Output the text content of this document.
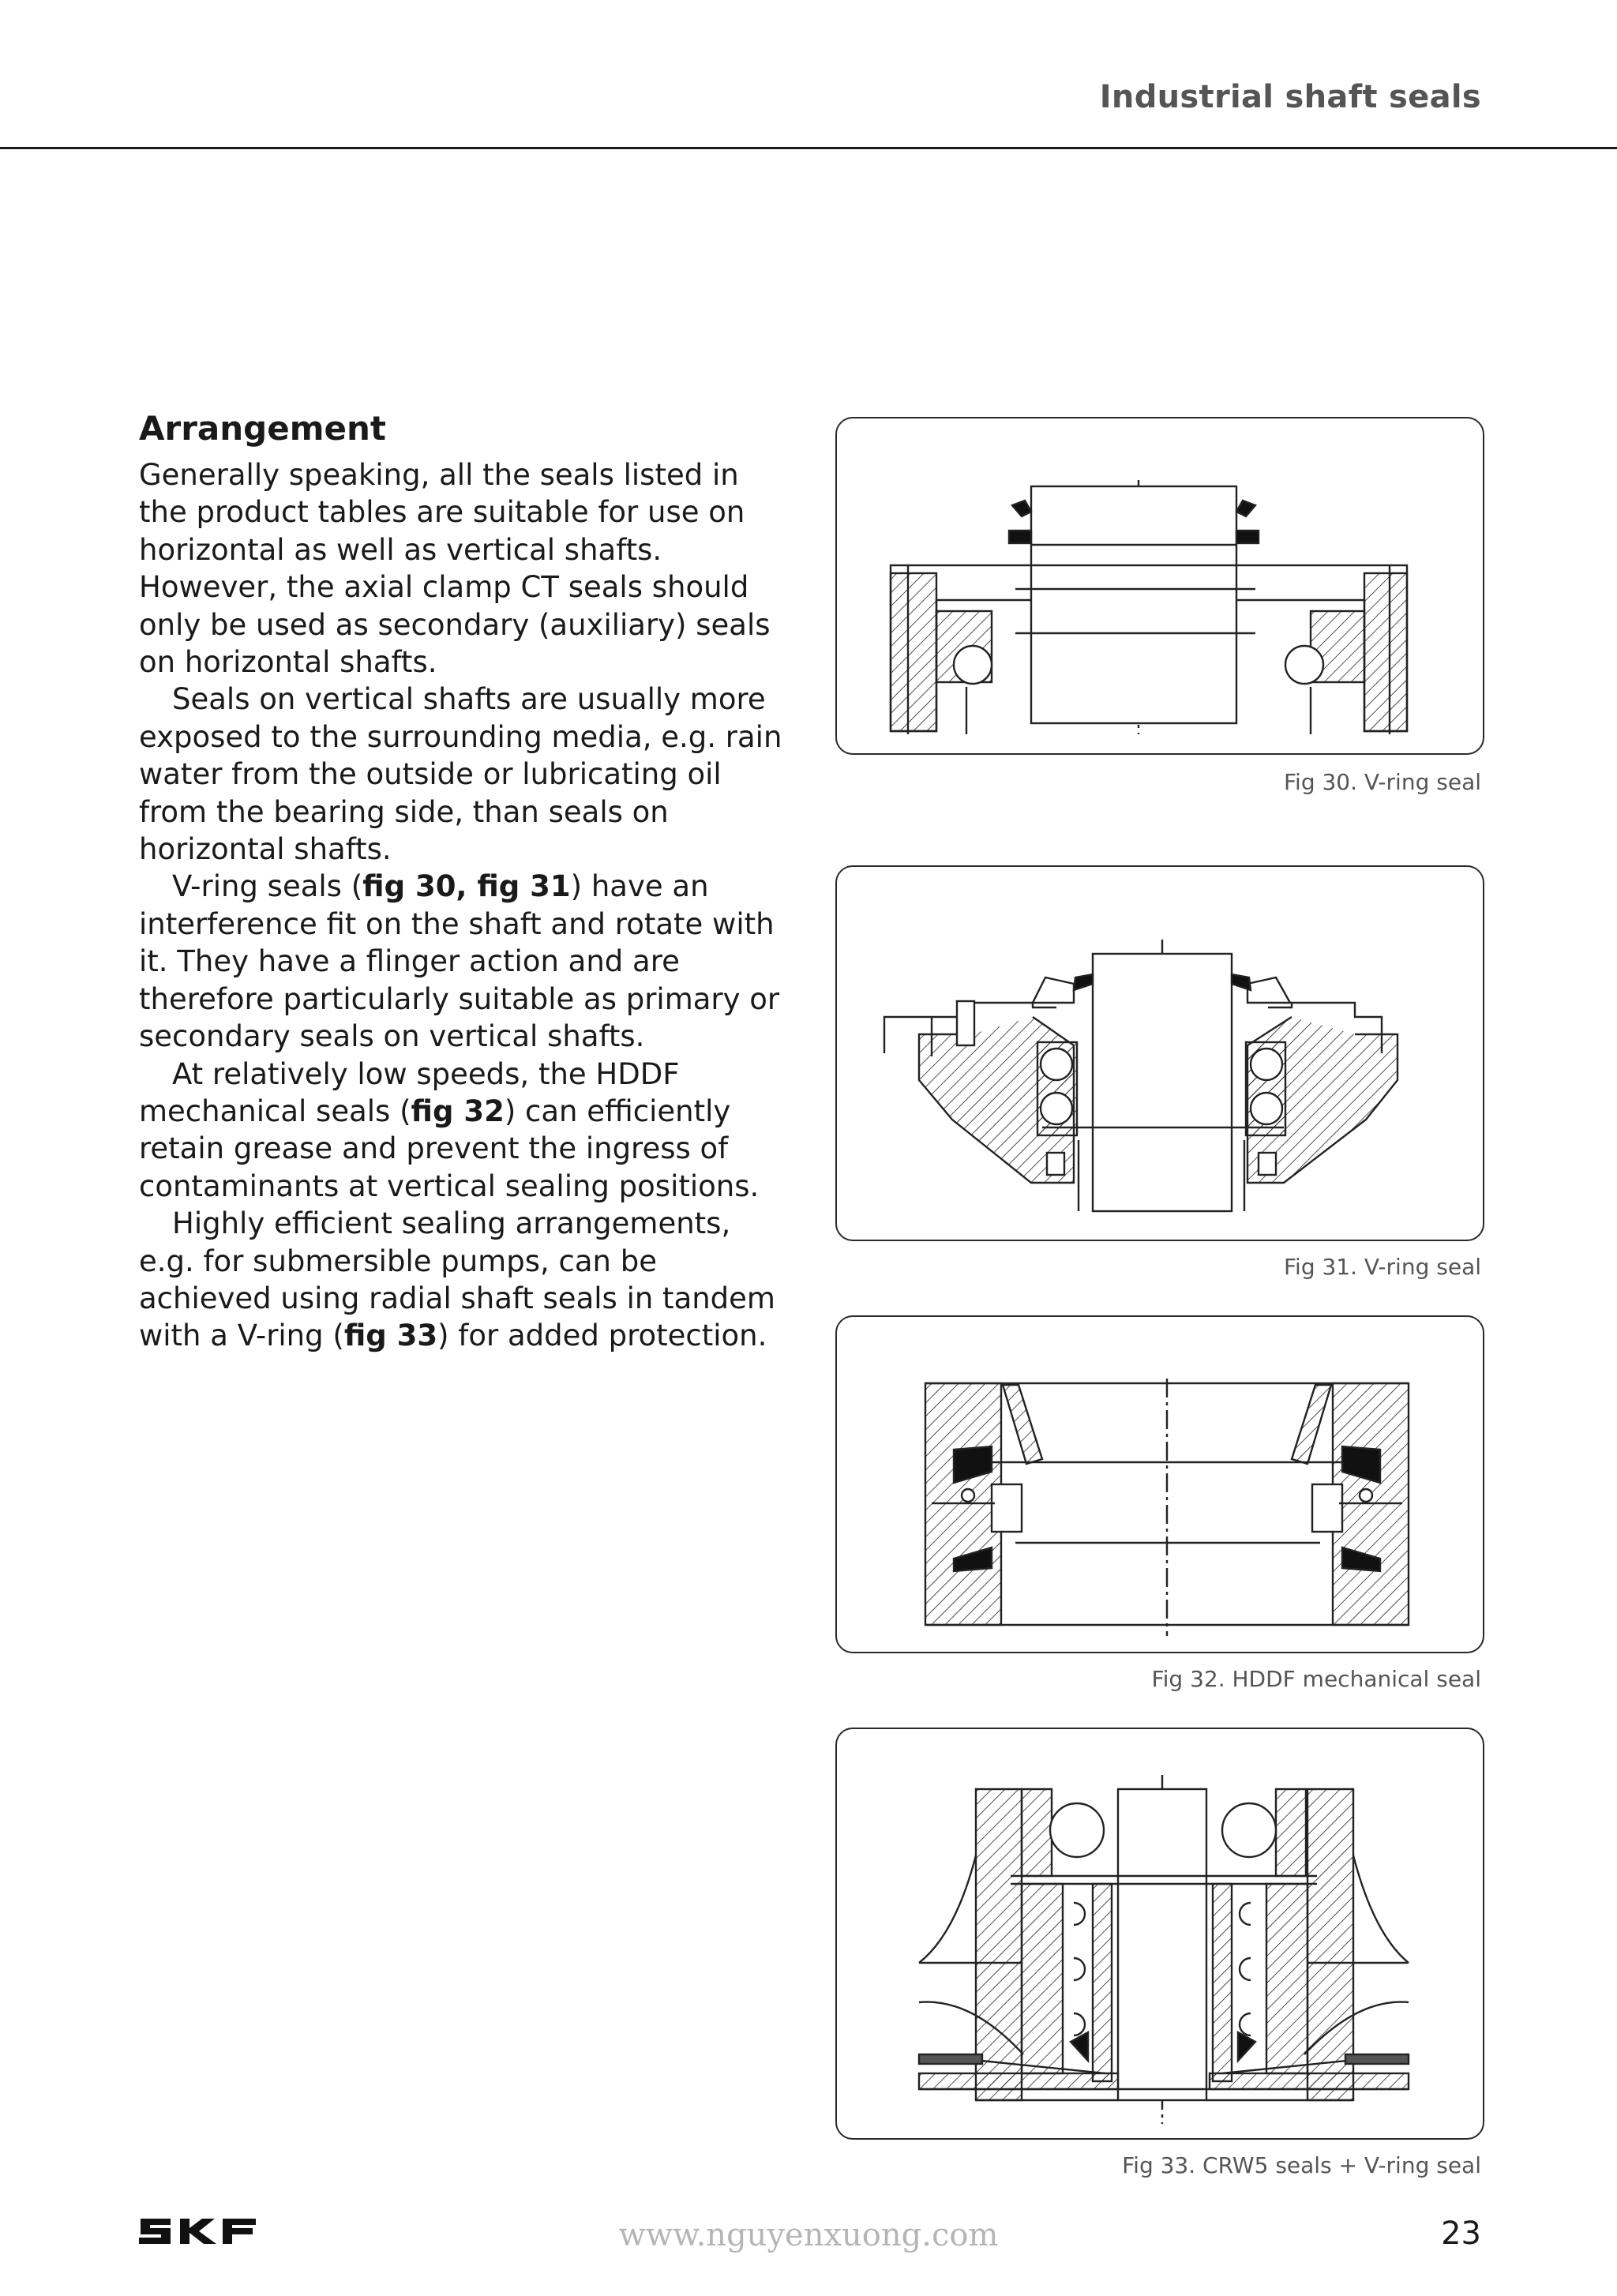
Industrial shaft seals
Arrangement

Generally speaking, all the seals listed in the product tables are suitable for use on horizontal as well as vertical shafts. However, the axial clamp CT seals should only be used as secondary (auxiliary) seals on horizontal shafts.

Seals on vertical shafts are usually more exposed to the surrounding media, e.g. rain water from the outside or lubricating oil from the bearing side, than seals on horizontal shafts.

V-ring seals (fig 30, fig 31) have an interference fit on the shaft and rotate with it. They have a flinger action and are therefore particularly suitable as primary or secondary seals on vertical shafts.

At relatively low speeds, the HDDF mechanical seals (fig 32) can efficiently retain grease and prevent the ingress of contaminants at vertical sealing positions.

Highly efficient sealing arrangements, e.g. for submersible pumps, can be achieved using radial shaft seals in tandem with a V-ring (fig 33) for added protection.

Fig 30. V-ring seal
Fig 31. V-ring seal
Fig 32. HDDF mechanical seal
Fig 33. CRW5 seals + V-ring seal
www.nguyenxuong.com	23
